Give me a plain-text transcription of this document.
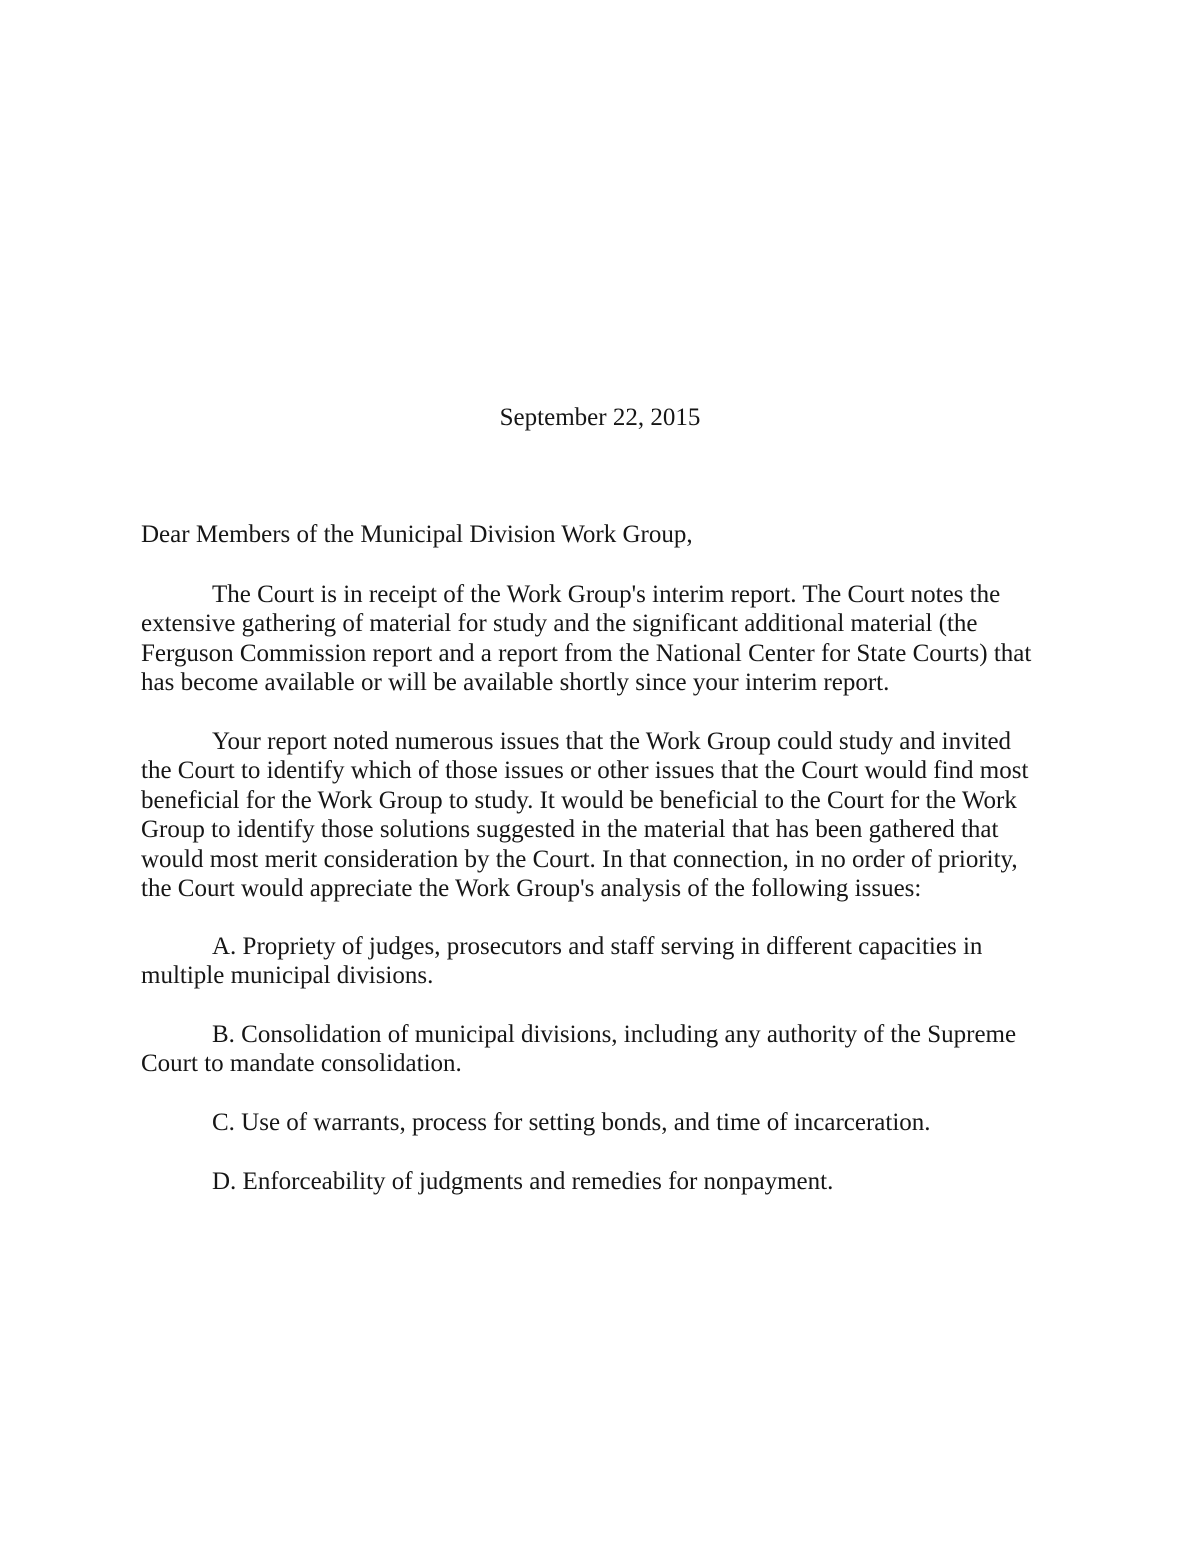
September 22, 2015

Dear Members of the Municipal Division Work Group,

The Court is in receipt of the Work Group's interim report. The Court notes the
extensive gathering of material for study and the significant additional material (the
Ferguson Commission report and a report from the National Center for State Courts) that
has become available or will be available shortly since your interim report.

Your report noted numerous issues that the Work Group could study and invited
the Court to identify which of those issues or other issues that the Court would find most
beneficial for the Work Group to study. It would be beneficial to the Court for the Work
Group to identify those solutions suggested in the material that has been gathered that
would most merit consideration by the Court. In that connection, in no order of priority,
the Court would appreciate the Work Group's analysis of the following issues:

A. Propriety of judges, prosecutors and staff serving in different capacities in
multiple municipal divisions.

B. Consolidation of municipal divisions, including any authority of the Supreme
Court to mandate consolidation.

C. Use of warrants, process for setting bonds, and time of incarceration.

D. Enforceability of judgments and remedies for nonpayment.
